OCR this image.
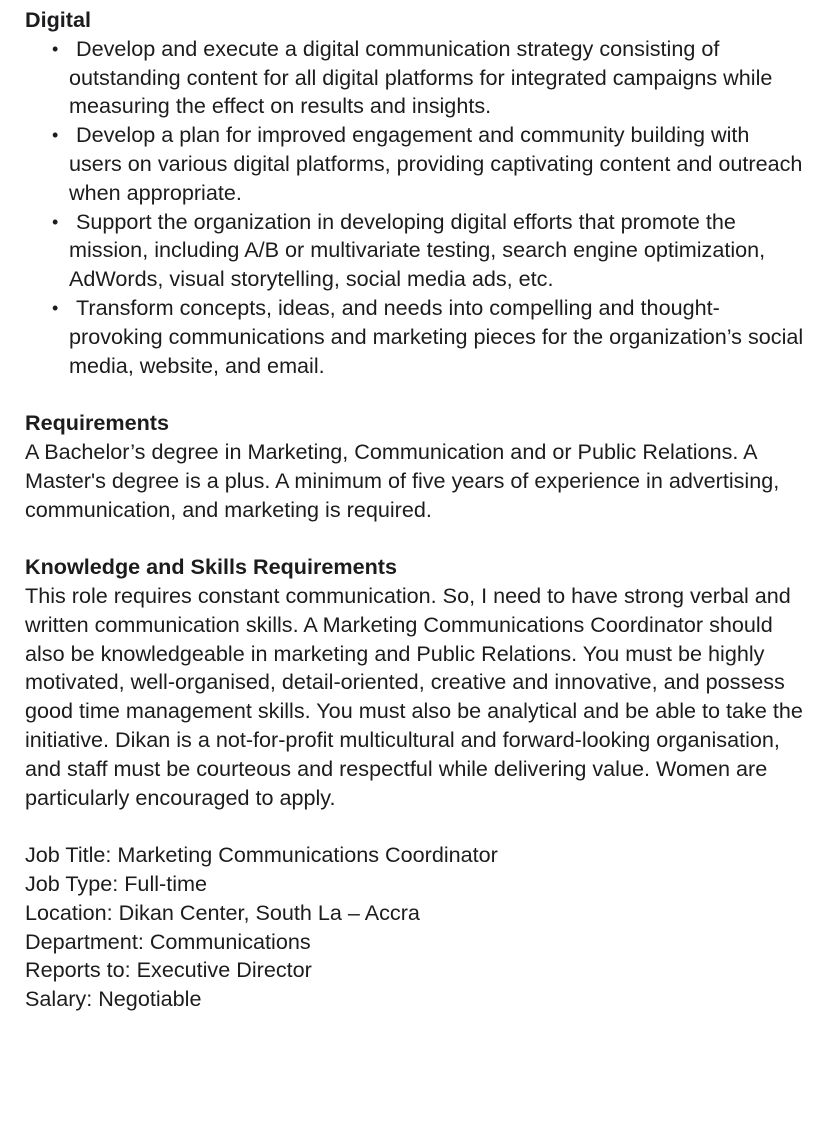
Digital

• Develop and execute a digital communication strategy consisting of outstanding content for all digital platforms for integrated campaigns while measuring the effect on results and insights.
• Develop a plan for improved engagement and community building with users on various digital platforms, providing captivating content and outreach when appropriate.
• Support the organization in developing digital efforts that promote the mission, including A/B or multivariate testing, search engine optimization, AdWords, visual storytelling, social media ads, etc.
• Transform concepts, ideas, and needs into compelling and thought-provoking communications and marketing pieces for the organization’s social media, website, and email.

Requirements

A Bachelor’s degree in Marketing, Communication and or Public Relations. A Master's degree is a plus. A minimum of five years of experience in advertising, communication, and marketing is required.

Knowledge and Skills Requirements

This role requires constant communication. So, I need to have strong verbal and written communication skills. A Marketing Communications Coordinator should also be knowledgeable in marketing and Public Relations. You must be highly motivated, well-organised, detail-oriented, creative and innovative, and possess good time management skills. You must also be analytical and be able to take the initiative. Dikan is a not-for-profit multicultural and forward-looking organisation, and staff must be courteous and respectful while delivering value. Women are particularly encouraged to apply.

Job Title: Marketing Communications Coordinator

Job Type: Full-time

Location: Dikan Center, South La – Accra

Department: Communications

Reports to: Executive Director

Salary: Negotiable
